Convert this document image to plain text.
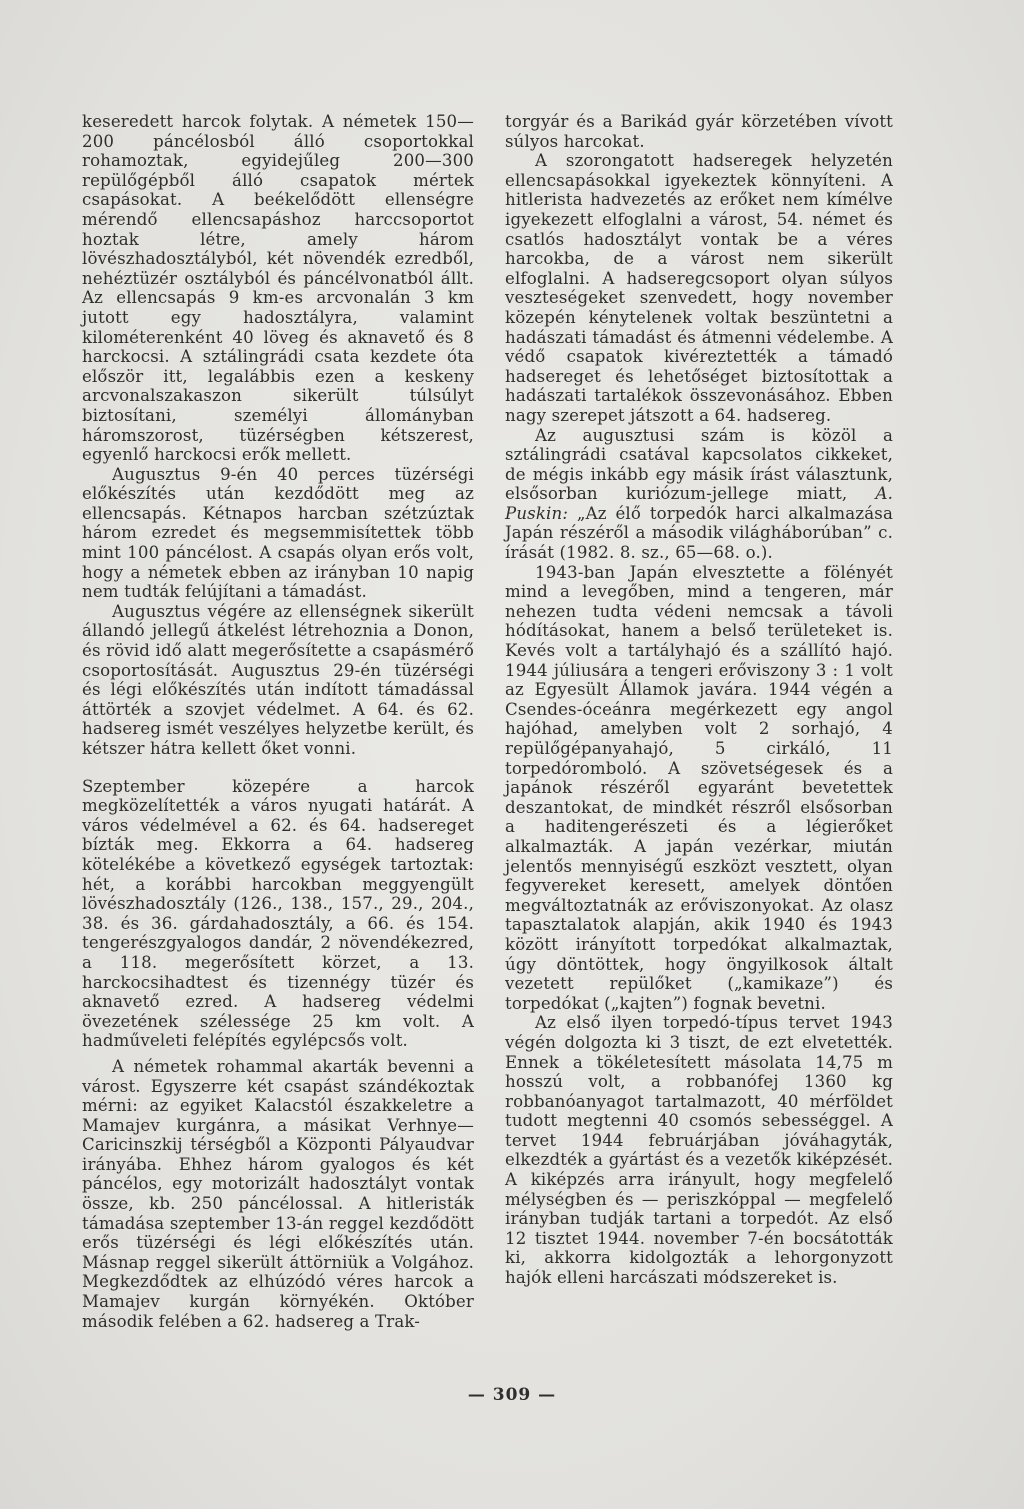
keseredett harcok folytak. A németek 150—200 páncélosból álló csoportokkal rohamoztak, egyidejűleg 200—300 repülőgépből álló csapatok mértek csapásokat. A beékelődött ellenségre mérendő ellencsapáshoz harccsoportot hoztak létre, amely három lövészhadosztályból, két növendék ezredből, nehéztüzér osztályból és páncélvonatból állt. Az ellencsapás 9 km-es arcvonalán 3 km jutott egy hadosztályra, valamint kilométerenként 40 löveg és aknavető és 8 harckocsi. A sztálingrádi csata kezdete óta először itt, legalábbis ezen a keskeny arcvonalszakaszon sikerült túlsúlyt biztosítani, személyi állományban háromszorost, tüzérségben kétszerest, egyenlő harckocsi erők mellett.

Augusztus 9-én 40 perces tüzérségi előkészítés után kezdődött meg az ellencsapás. Kétnapos harcban szétzúztak három ezredet és megsemmisítettek több mint 100 páncélost. A csapás olyan erős volt, hogy a németek ebben az irányban 10 napig nem tudták felújítani a támadást.

Augusztus végére az ellenségnek sikerült állandó jellegű átkelést létrehoznia a Donon, és rövid idő alatt megerősítette a csapásmérő csoportosítását. Augusztus 29-én tüzérségi és légi előkészítés után indított támadással áttörték a szovjet védelmet. A 64. és 62. hadsereg ismét veszélyes helyzetbe került, és kétszer hátra kellett őket vonni.

Szeptember közepére a harcok megközelítették a város nyugati határát. A város védelmével a 62. és 64. hadsereget bízták meg. Ekkorra a 64. hadsereg kötelékébe a következő egységek tartoztak: hét, a korábbi harcokban meggyengült lövészhadosztály (126., 138., 157., 29., 204., 38. és 36. gárdahadosztály, a 66. és 154. tengerészgyalogos dandár, 2 növendékezred, a 118. megerősített körzet, a 13. harckocsihadtest és tizennégy tüzér és aknavető ezred. A hadsereg védelmi övezetének szélessége 25 km volt. A hadműveleti felépítés egylépcsős volt.

A németek rohammal akarták bevenni a várost. Egyszerre két csapást szándékoztak mérni: az egyiket Kalacstól északkeletre a Mamajev kurgánra, a másikat Verhnye—Caricinszkij térségből a Központi Pályaudvar irányába. Ehhez három gyalogos és két páncélos, egy motorizált hadosztályt vontak össze, kb. 250 páncélossal. A hitleristák támadása szeptember 13-án reggel kezdődött erős tüzérségi és légi előkészítés után. Másnap reggel sikerült áttörniük a Volgához. Megkezdődtek az elhúzódó véres harcok a Mamajev kurgán környékén. Október második felében a 62. hadsereg a Trak-

torgyár és a Barikád gyár körzetében vívott súlyos harcokat.

A szorongatott hadseregek helyzetén ellencsapásokkal igyekeztek könnyíteni. A hitlerista hadvezetés az erőket nem kímélve igyekezett elfoglalni a várost, 54. német és csatlós hadosztályt vontak be a véres harcokba, de a várost nem sikerült elfoglalni. A hadseregcsoport olyan súlyos veszteségeket szenvedett, hogy november közepén kénytelenek voltak beszüntetni a hadászati támadást és átmenni védelembe. A védő csapatok kivéreztették a támadó hadsereget és lehetőséget biztosítottak a hadászati tartalékok összevonásához. Ebben nagy szerepet játszott a 64. hadsereg.

Az augusztusi szám is közöl a sztálingrádi csatával kapcsolatos cikkeket, de mégis inkább egy másik írást választunk, elsősorban kuriózum-jellege miatt, A. Puskin: „Az élő torpedók harci alkalmazása Japán részéről a második világháborúban” c. írását (1982. 8. sz., 65—68. o.).

1943-ban Japán elvesztette a fölényét mind a levegőben, mind a tengeren, már nehezen tudta védeni nemcsak a távoli hódításokat, hanem a belső területeket is. Kevés volt a tartályhajó és a szállító hajó. 1944 júliusára a tengeri erőviszony 3 : 1 volt az Egyesült Államok javára. 1944 végén a Csendes-óceánra megérkezett egy angol hajóhad, amelyben volt 2 sorhajó, 4 repülőgépanyahajó, 5 cirkáló, 11 torpedóromboló. A szövetségesek és a japánok részéről egyaránt bevetettek deszantokat, de mindkét részről elsősorban a haditengerészeti és a légierőket alkalmazták. A japán vezérkar, miután jelentős mennyiségű eszközt vesztett, olyan fegyvereket keresett, amelyek döntően megváltoztatnák az erőviszonyokat. Az olasz tapasztalatok alapján, akik 1940 és 1943 között irányított torpedókat alkalmaztak, úgy döntöttek, hogy öngyilkosok általt vezetett repülőket („kamikaze”) és torpedókat („kajten”) fognak bevetni.

Az első ilyen torpedó-típus tervet 1943 végén dolgozta ki 3 tiszt, de ezt elvetették. Ennek a tökéletesített másolata 14,75 m hosszú volt, a robbanófej 1360 kg robbanóanyagot tartalmazott, 40 mérföldet tudott megtenni 40 csomós sebességgel. A tervet 1944 februárjában jóváhagyták, elkezdték a gyártást és a vezetők kiképzését. A kiképzés arra irányult, hogy megfelelő mélységben és — periszkóppal — megfelelő irányban tudják tartani a torpedót. Az első 12 tisztet 1944. november 7-én bocsátották ki, akkorra kidolgozták a lehorgonyzott hajók elleni harcászati módszereket is.

— 309 —
